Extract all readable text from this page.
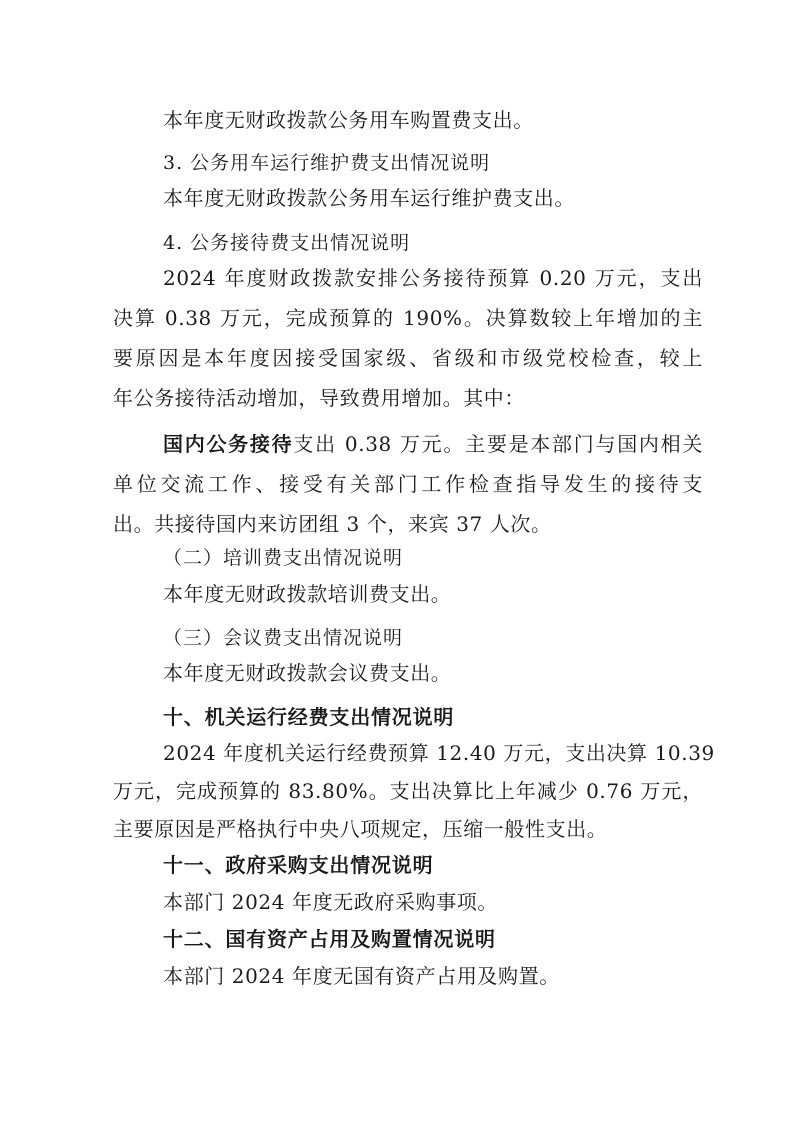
本年度无财政拨款公务用车购置费支出。
3. 公务用车运行维护费支出情况说明
本年度无财政拨款公务用车运行维护费支出。
4. 公务接待费支出情况说明
2024 年度财政拨款安排公务接待预算 0.20 万元，支出
决算 0.38 万元，完成预算的 190%。决算数较上年增加的主
要原因是本年度因接受国家级、省级和市级党校检查，较上
年公务接待活动增加，导致费用增加。其中：
国内公务接待支出 0.38 万元。主要是本部门与国内相关
单位交流工作、接受有关部门工作检查指导发生的接待支
出。共接待国内来访团组 3 个，来宾 37 人次。
（二）培训费支出情况说明
本年度无财政拨款培训费支出。
（三）会议费支出情况说明
本年度无财政拨款会议费支出。
十、机关运行经费支出情况说明
2024 年度机关运行经费预算 12.40 万元，支出决算 10.39
万元，完成预算的 83.80%。支出决算比上年减少 0.76 万元，
主要原因是严格执行中央八项规定，压缩一般性支出。
十一、政府采购支出情况说明
本部门 2024 年度无政府采购事项。
十二、国有资产占用及购置情况说明
本部门 2024 年度无国有资产占用及购置。
